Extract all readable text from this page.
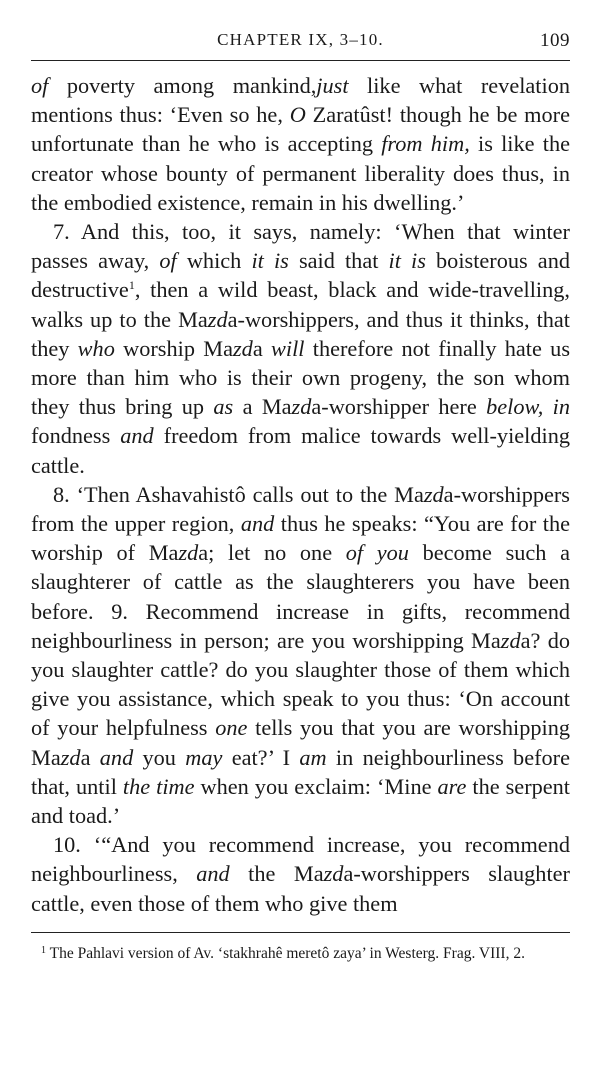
CHAPTER IX, 3–10.	109

of poverty among mankind,just like what revelation mentions thus: ‘Even so he, O Zaratûst! though he be more unfortunate than he who is accepting from him, is like the creator whose bounty of permanent liberality does thus, in the embodied existence, remain in his dwelling.’

7. And this, too, it says, namely: ‘When that winter passes away, of which it is said that it is boisterous and destructive$^1$, then a wild beast, black and wide-travelling, walks up to the Mazda-worshippers, and thus it thinks, that they who worship Mazda will therefore not finally hate us more than him who is their own progeny, the son whom they thus bring up as a Mazda-worshipper here below, in fondness and freedom from malice towards well-yielding cattle.

8. ‘Then Ashavahistô calls out to the Mazda-worshippers from the upper region, and thus he speaks: “You are for the worship of Mazda; let no one of you become such a slaughterer of cattle as the slaughterers you have been before. 9. Recommend increase in gifts, recommend neighbourliness in person; are you worshipping Mazda? do you slaughter cattle? do you slaughter those of them which give you assistance, which speak to you thus: ‘On account of your helpfulness one tells you that you are worshipping Mazda and you may eat?’ I am in neighbourliness before that, until the time when you exclaim: ‘Mine are the serpent and toad.’

10. ‘“And you recommend increase, you recommend neighbourliness, and the Mazda-worshippers slaughter cattle, even those of them who give them

$^1$ The Pahlavi version of Av. ‘stakhrahê meretô zaya’ in Westerg. Frag. VIII, 2.
